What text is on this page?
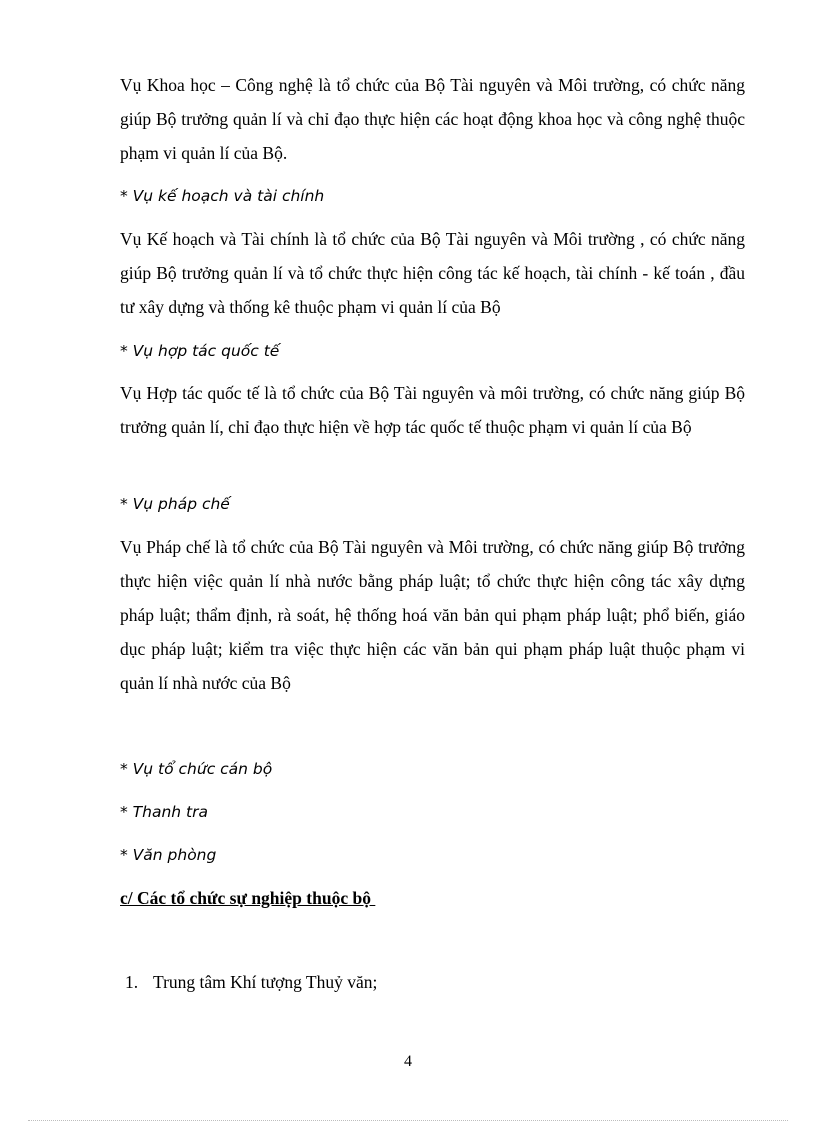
Vụ Khoa học – Công nghệ là tổ chức của Bộ Tài nguyên và Môi trường, có chức năng giúp Bộ trưởng quản lí và chỉ đạo thực hiện các hoạt động khoa học và công nghệ thuộc phạm vi quản lí của Bộ.

* Vụ kế hoạch và tài chính

Vụ Kế hoạch và Tài chính là tổ chức của Bộ Tài nguyên và Môi trường , có chức năng giúp Bộ trưởng quản lí và tổ chức thực hiện công tác kế hoạch, tài chính - kế toán , đầu tư xây dựng và thống kê thuộc phạm vi quản lí của Bộ

* Vụ hợp tác quốc tế

Vụ Hợp tác quốc tế là tổ chức của Bộ Tài nguyên và môi trường, có chức năng giúp Bộ trưởng quản lí, chỉ đạo thực hiện về hợp tác quốc tế thuộc phạm vi quản lí của Bộ

* Vụ pháp chế

Vụ Pháp chế là tổ chức của Bộ Tài nguyên và Môi trường, có chức năng giúp Bộ trưởng thực hiện việc quản lí nhà nước bằng pháp luật; tổ chức thực hiện công tác xây dựng pháp luật; thẩm định, rà soát, hệ thống hoá văn bản qui phạm pháp luật; phổ biến, giáo dục pháp luật; kiểm tra việc thực hiện các văn bản qui phạm pháp luật thuộc phạm vi quản lí nhà nước của Bộ

* Vụ tổ chức cán bộ

* Thanh tra

* Văn phòng

c/ Các tổ chức sự nghiệp thuộc bộ

1. Trung tâm Khí tượng Thuỷ văn;
4
